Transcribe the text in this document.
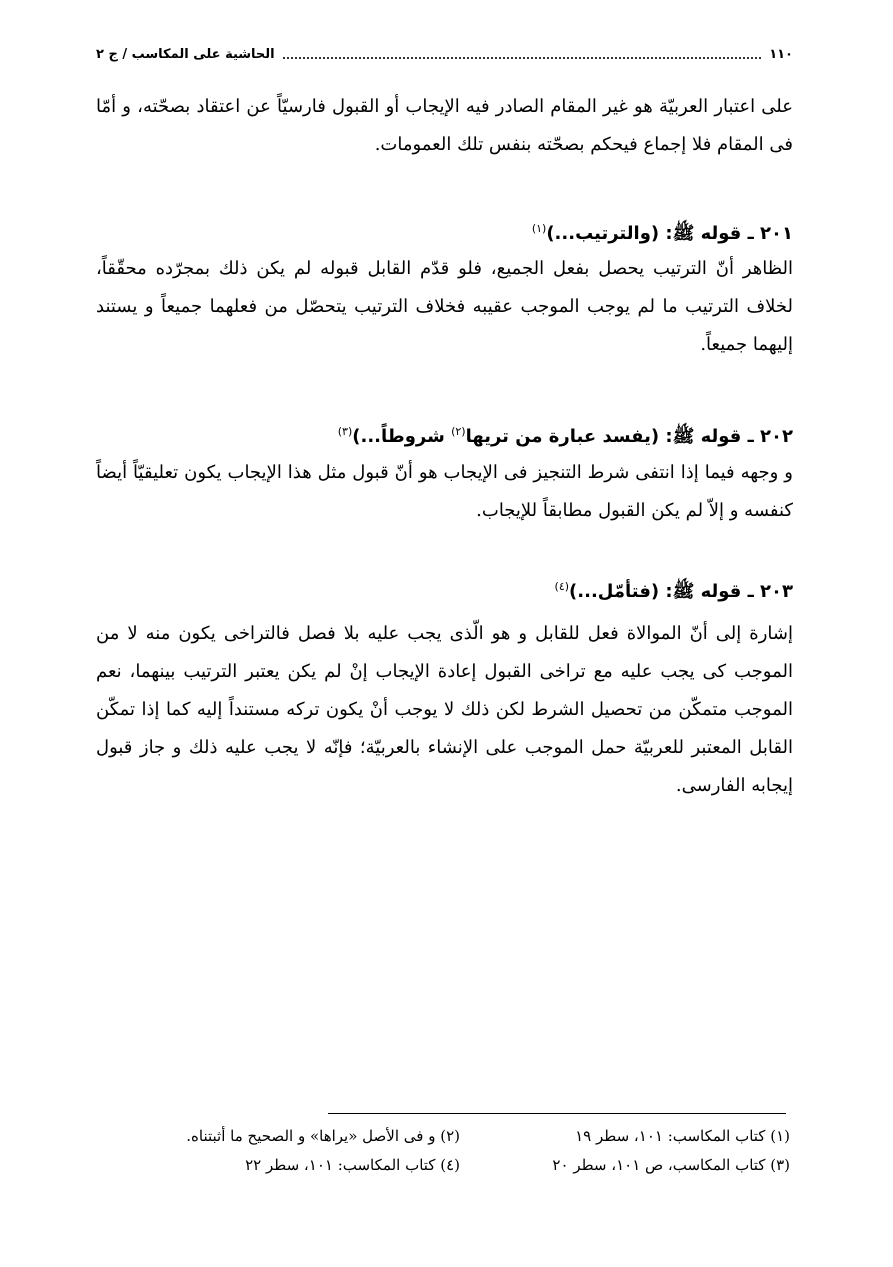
١١٠
الحاشية على المكاسب / ج ٢
على اعتبار العربيّة هو غير المقام الصادر فيه الإيجاب أو القبول فارسيّاً عن اعتقاد بصحّته، و أمّا فى المقام فلا إجماع فيحكم بصحّته بنفس تلك العمومات.
٢٠١ ـ قوله ﷺ: (والترتيب...)$^{(١)}$
الظاهر أنّ الترتيب يحصل بفعل الجميع، فلو قدّم القابل قبوله لم يكن ذلك بمجرّده محقّقاً، لخلاف الترتيب ما لم يوجب الموجب عقيبه فخلاف الترتيب يتحصّل من فعلهما جميعاً و يستند إليهما جميعاً.
٢٠٢ ـ قوله ﷺ: (يفسد عبارة من تريها$^{(٢)}$ شروطاً...)$^{(٣)}$
و وجهه فيما إذا انتفى شرط التنجيز فى الإيجاب هو أنّ قبول مثل هذا الإيجاب يكون تعليقيّاً أيضاً كنفسه و إلاّ لم يكن القبول مطابقاً للإيجاب.
٢٠٣ ـ قوله ﷺ: (فتأمّل...)$^{(٤)}$
إشارة إلى أنّ الموالاة فعل للقابل و هو الّذى يجب عليه بلا فصل فالتراخى يكون منه لا من الموجب كى يجب عليه مع تراخى القبول إعادة الإيجاب إنْ لم يكن يعتبر الترتيب بينهما، نعم الموجب متمكّن من تحصيل الشرط لكن ذلك لا يوجب أنْ يكون تركه مستنداً إليه كما إذا تمكّن القابل المعتبر للعربيّة حمل الموجب على الإنشاء بالعربيّة؛ فإنّه لا يجب عليه ذلك و جاز قبول إيجابه الفارسى.
(١) كتاب المكاسب: ١٠١، سطر ١٩
(٢) و فى الأصل «يراها» و الصحيح ما أثبتناه.
(٣) كتاب المكاسب، ص ١٠١، سطر ٢٠
(٤) كتاب المكاسب: ١٠١، سطر ٢٢
